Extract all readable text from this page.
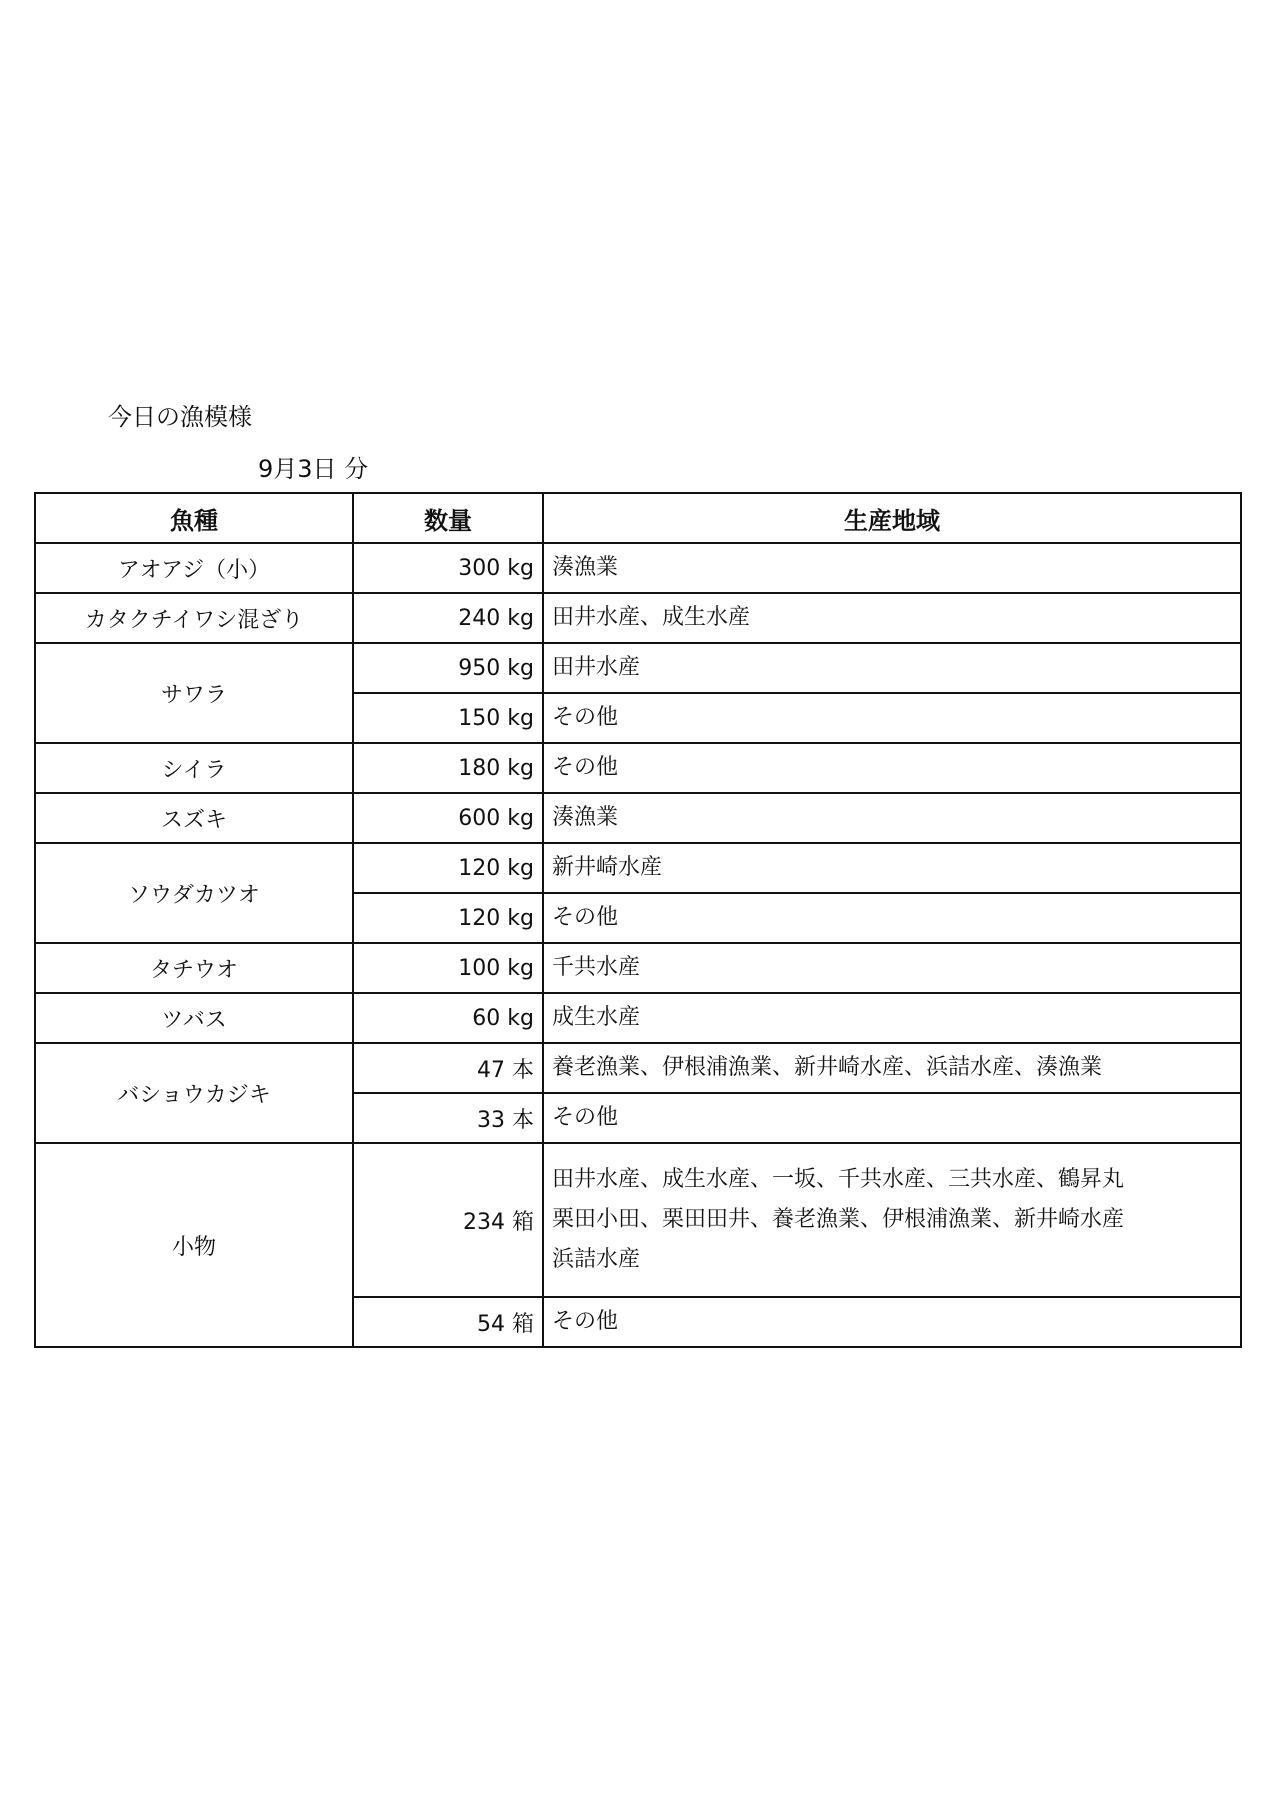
今日の漁模様
9月3日 分
魚種	数量	生産地域
アオアジ（小）	300 kg	湊漁業

カタクチイワシ混ざり	240 kg	田井水産、成生水産

サワラ	950 kg	田井水産

	150 kg	その他

シイラ	180 kg	その他

スズキ	600 kg	湊漁業

ソウダカツオ	120 kg	新井崎水産

	120 kg	その他

タチウオ	100 kg	千共水産

ツバス	60 kg	成生水産

バショウカジキ	47 本	養老漁業、伊根浦漁業、新井崎水産、浜詰水産、湊漁業

	33 本	その他

小物	234 箱	田井水産、成生水産、一坂、千共水産、三共水産、鶴昇丸
栗田小田、栗田田井、養老漁業、伊根浦漁業、新井崎水産
浜詰水産

	54 箱	その他
